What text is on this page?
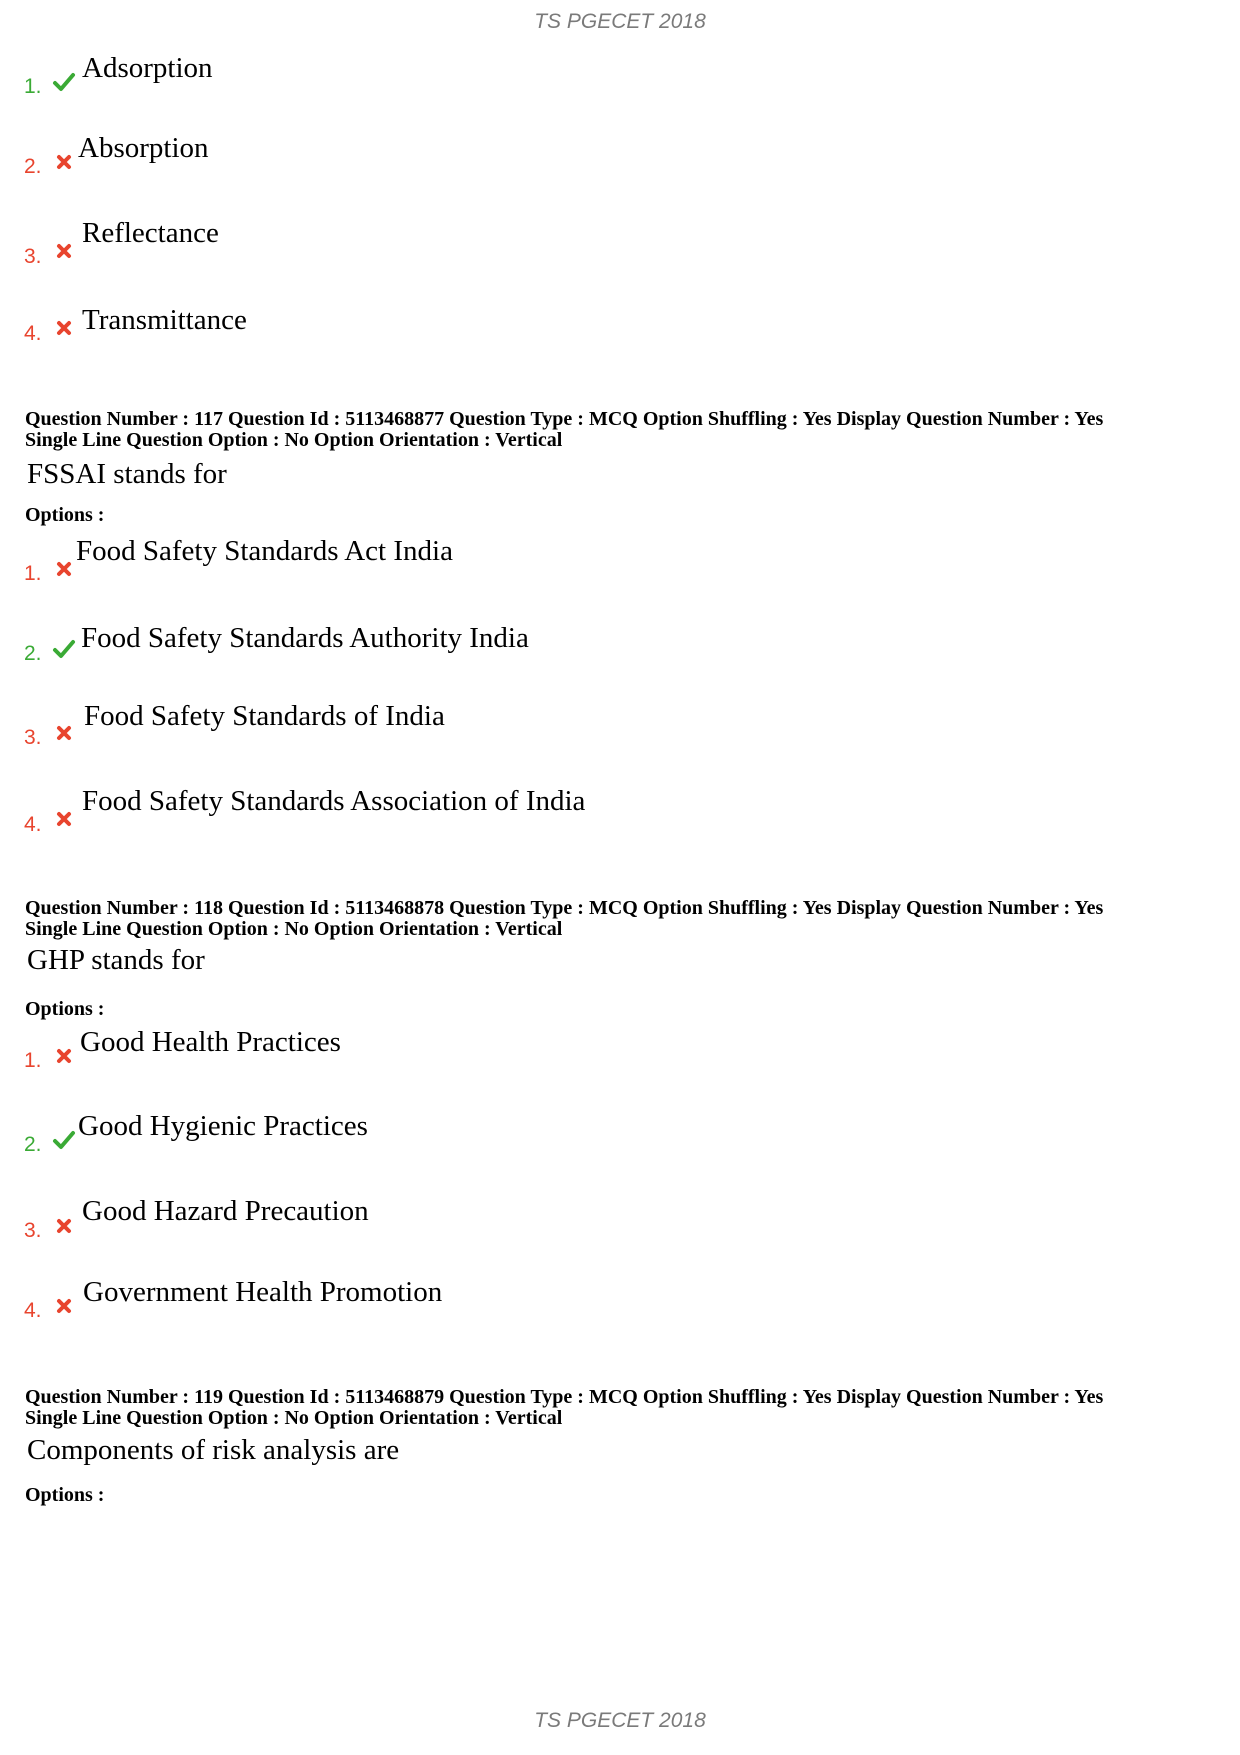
TS PGECET 2018
1.
Adsorption
2.
Absorption
3.
Reflectance
4. Transmittance
Question Number : 117 Question Id : 5113468877 Question Type : MCQ Option Shuffling : Yes Display Question Number : Yes
Single Line Question Option : No Option Orientation : Vertical
FSSAI stands for
Options :
1.
Food Safety Standards Act India
2. Food Safety Standards Authority India
3.
Food Safety Standards of India
4.
Food Safety Standards Association of India
Question Number : 118 Question Id : 5113468878 Question Type : MCQ Option Shuffling : Yes Display Question Number : Yes
Single Line Question Option : No Option Orientation : Vertical
GHP stands for
Options :
1.
Good Health Practices
2.
Good Hygienic Practices
3.
Good Hazard Precaution
4.
Government Health Promotion
Question Number : 119 Question Id : 5113468879 Question Type : MCQ Option Shuffling : Yes Display Question Number : Yes
Single Line Question Option : No Option Orientation : Vertical
Components of risk analysis are
Options :
TS PGECET 2018
